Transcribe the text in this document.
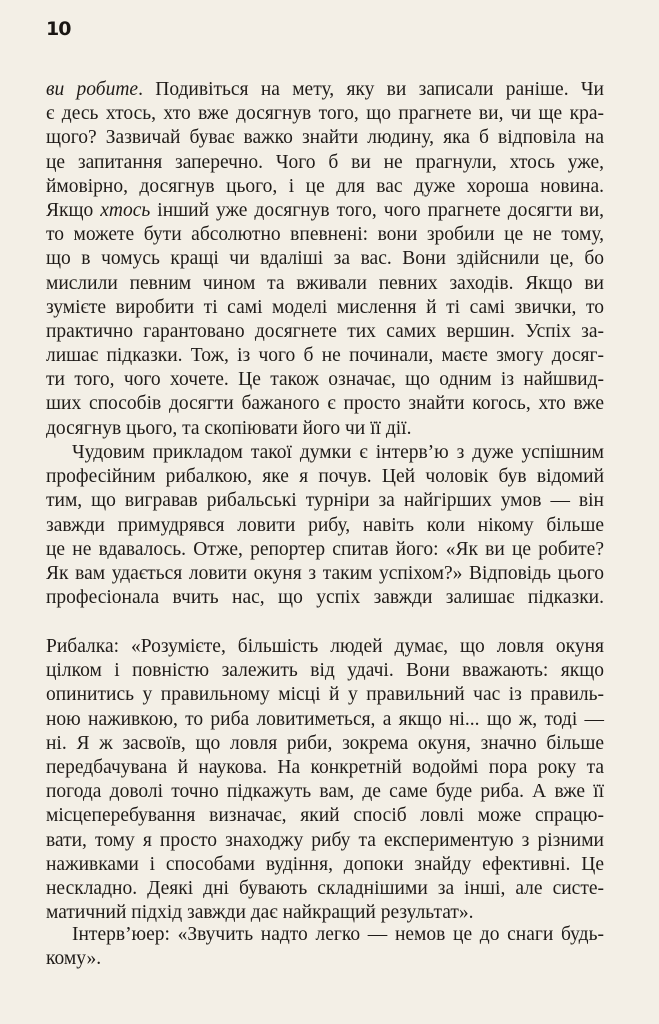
10
ви робите. Подивіться на мету, яку ви записали раніше. Чи
є десь хтось, хто вже досягнув того, що прагнете ви, чи ще кра-
щого? Зазвичай буває важко знайти людину, яка б відповіла на
це запитання заперечно. Чого б ви не прагнули, хтось уже,
ймовірно, досягнув цього, і це для вас дуже хороша новина.
Якщо хтось інший уже досягнув того, чого прагнете досягти ви,
то можете бути абсолютно впевнені: вони зробили це не тому,
що в чомусь кращі чи вдаліші за вас. Вони здійснили це, бо
мислили певним чином та вживали певних заходів. Якщо ви
зумієте виробити ті самі моделі мислення й ті самі звички, то
практично гарантовано досягнете тих самих вершин. Успіх за-
лишає підказки. Тож, із чого б не починали, маєте змогу досяг-
ти того, чого хочете. Це також означає, що одним із найшвид-
ших способів досягти бажаного є просто знайти когось, хто вже
досягнув цього, та скопіювати його чи її дії.
Чудовим прикладом такої думки є інтерв’ю з дуже успішним
професійним рибалкою, яке я почув. Цей чоловік був відомий
тим, що вигравав рибальські турніри за найгірших умов — він
завжди примудрявся ловити рибу, навіть коли нікому більше
це не вдавалось. Отже, репортер спитав його: «Як ви це робите?
Як вам удається ловити окуня з таким успіхом?» Відповідь цього
професіонала вчить нас, що успіх завжди залишає підказки.
Рибалка: «Розумієте, більшість людей думає, що ловля окуня
цілком і повністю залежить від удачі. Вони вважають: якщо
опинитись у правильному місці й у правильний час із правиль-
ною наживкою, то риба ловитиметься, а якщо ні... що ж, тоді —
ні. Я ж засвоїв, що ловля риби, зокрема окуня, значно більше
передбачувана й наукова. На конкретній водоймі пора року та
погода доволі точно підкажуть вам, де саме буде риба. А вже її
місцеперебування визначає, який спосіб ловлі може спрацю-
вати, тому я просто знаходжу рибу та експериментую з різними
наживками і способами вудіння, допоки знайду ефективні. Це
нескладно. Деякі дні бувають складнішими за інші, але систе-
матичний підхід завжди дає найкращий результат».
Інтерв’юер: «Звучить надто легко — немов це до снаги будь-
кому».
